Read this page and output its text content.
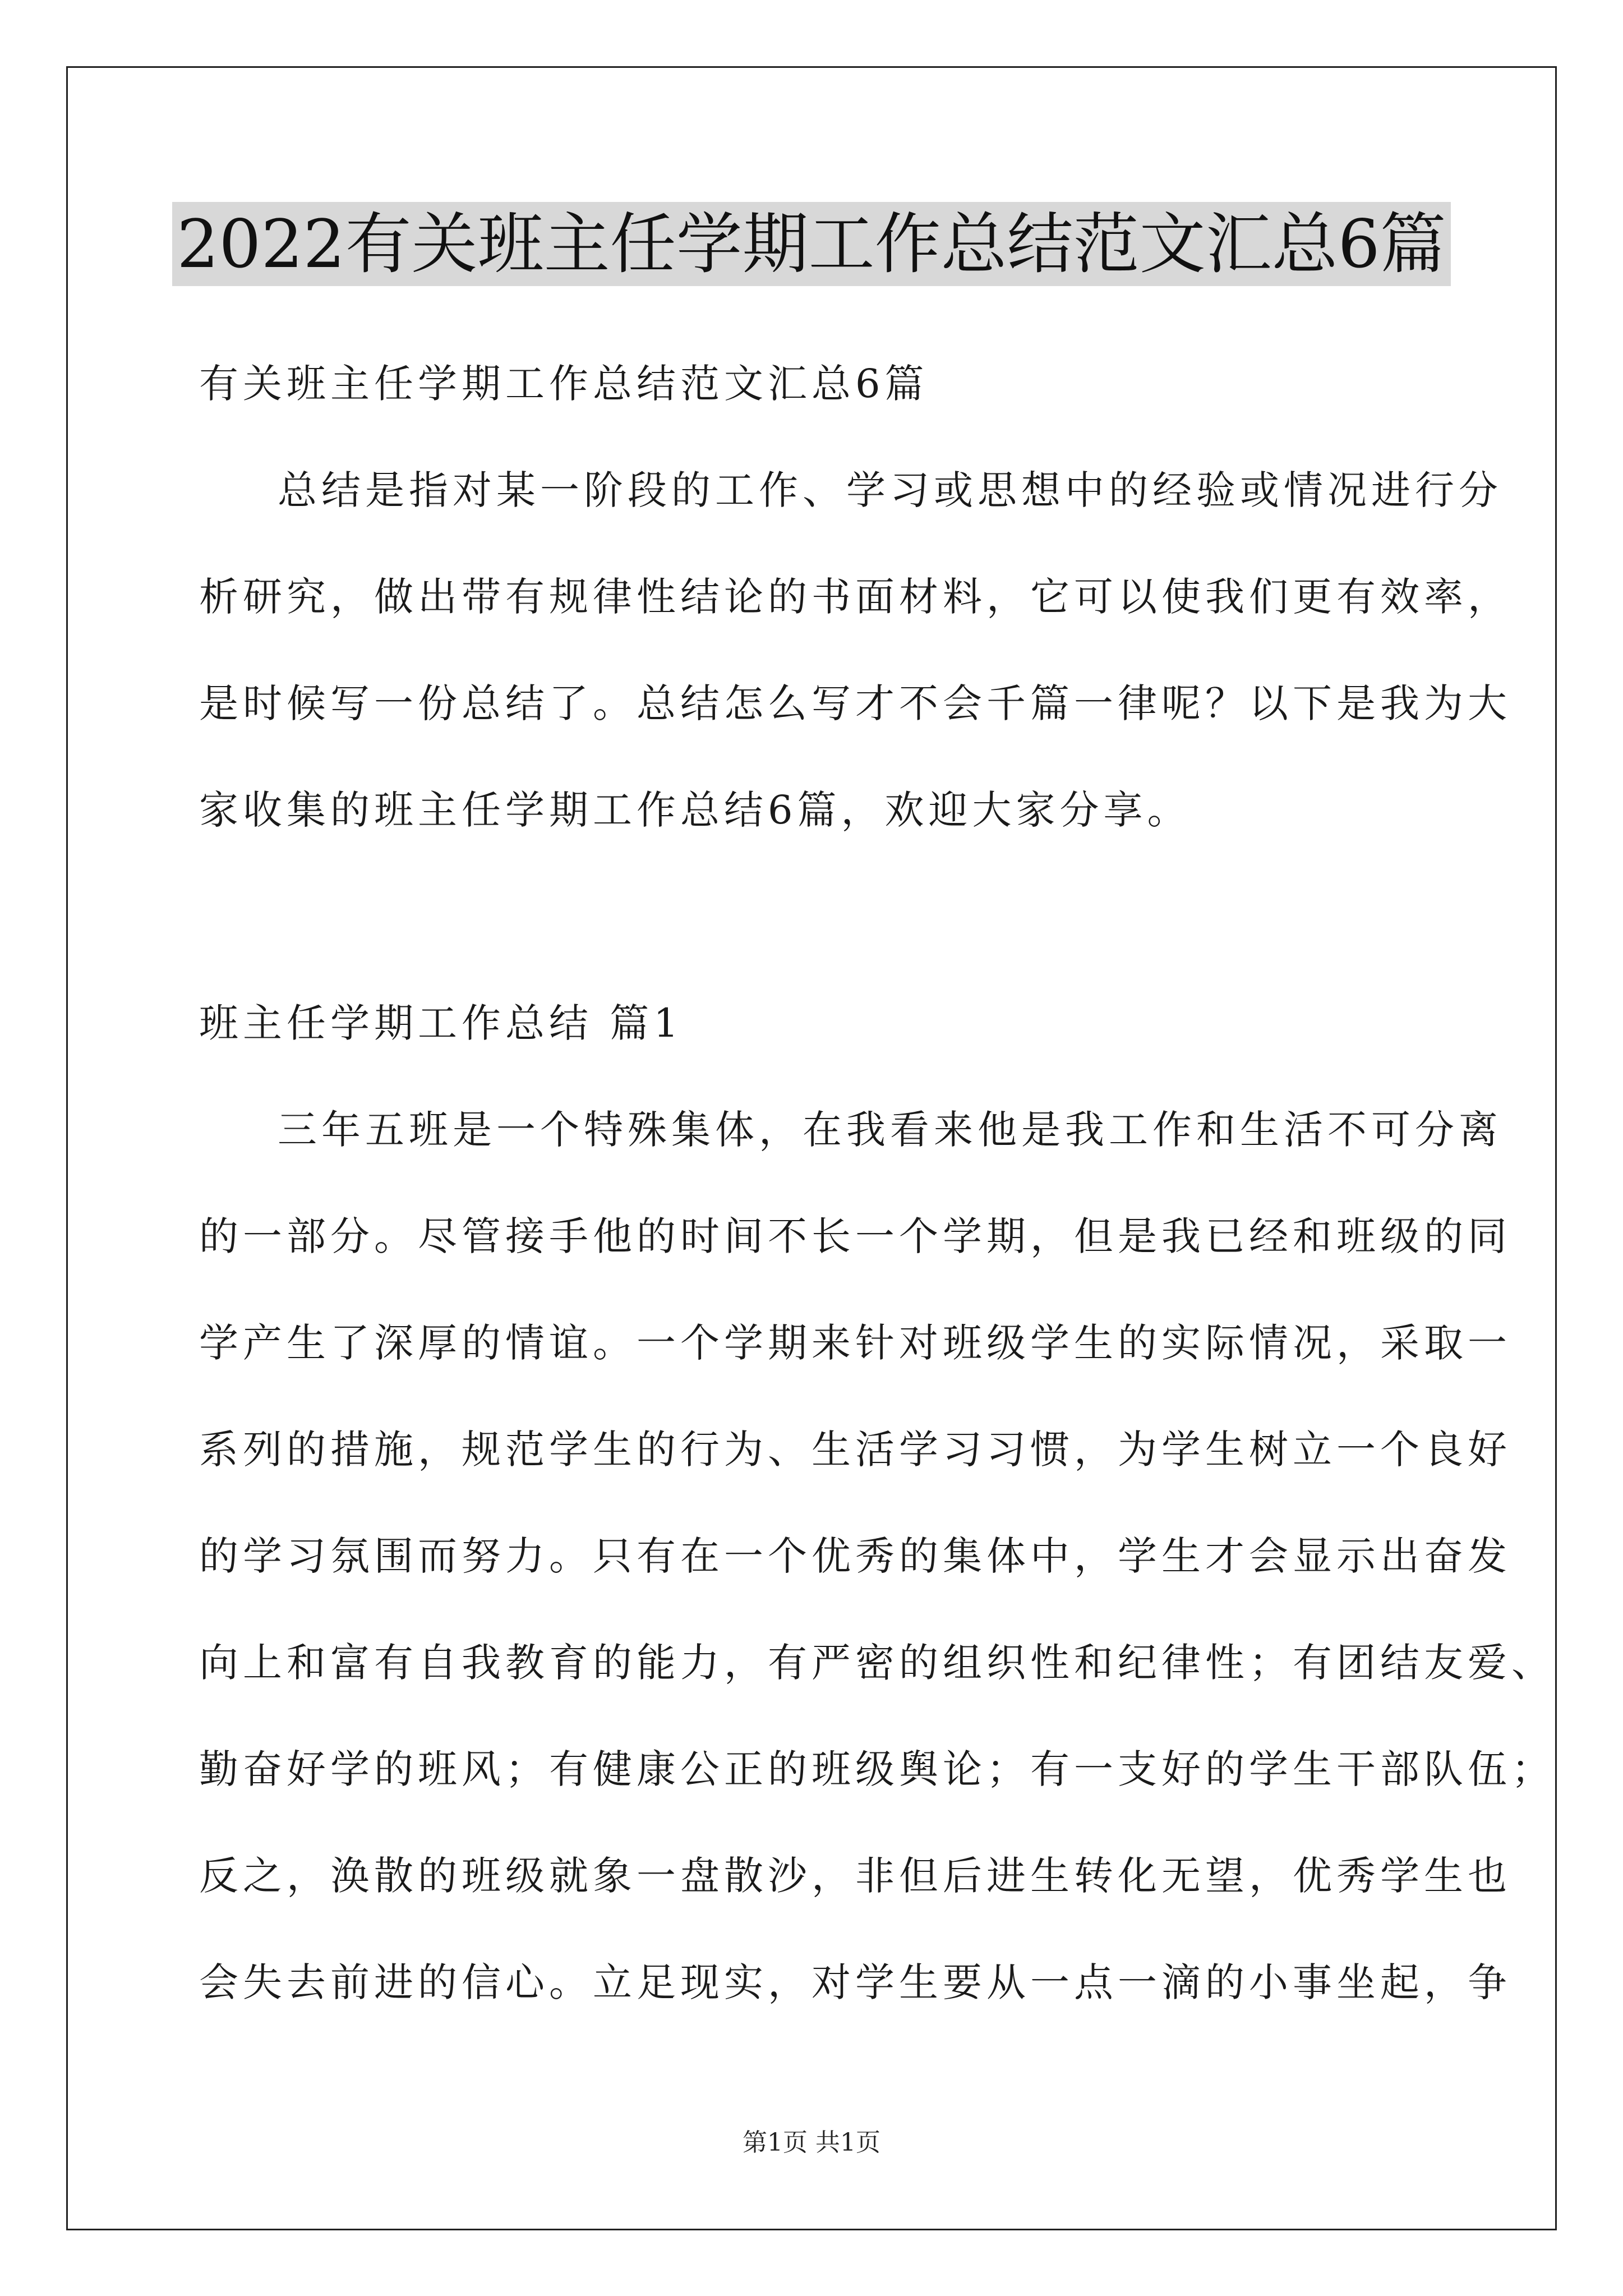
2022有关班主任学期工作总结范文汇总6篇
有关班主任学期工作总结范文汇总6篇
总结是指对某一阶段的工作、学习或思想中的经验或情况进行分
析研究，做出带有规律性结论的书面材料，它可以使我们更有效率，
是时候写一份总结了。总结怎么写才不会千篇一律呢？以下是我为大
家收集的班主任学期工作总结6篇，欢迎大家分享。
班主任学期工作总结 篇1
三年五班是一个特殊集体，在我看来他是我工作和生活不可分离
的一部分。尽管接手他的时间不长一个学期，但是我已经和班级的同
学产生了深厚的情谊。一个学期来针对班级学生的实际情况，采取一
系列的措施，规范学生的行为、生活学习习惯，为学生树立一个良好
的学习氛围而努力。只有在一个优秀的集体中，学生才会显示出奋发
向上和富有自我教育的能力，有严密的组织性和纪律性；有团结友爱、
勤奋好学的班风；有健康公正的班级舆论；有一支好的学生干部队伍；
反之，涣散的班级就象一盘散沙，非但后进生转化无望，优秀学生也
会失去前进的信心。立足现实，对学生要从一点一滴的小事坐起，争
第1页 共1页
